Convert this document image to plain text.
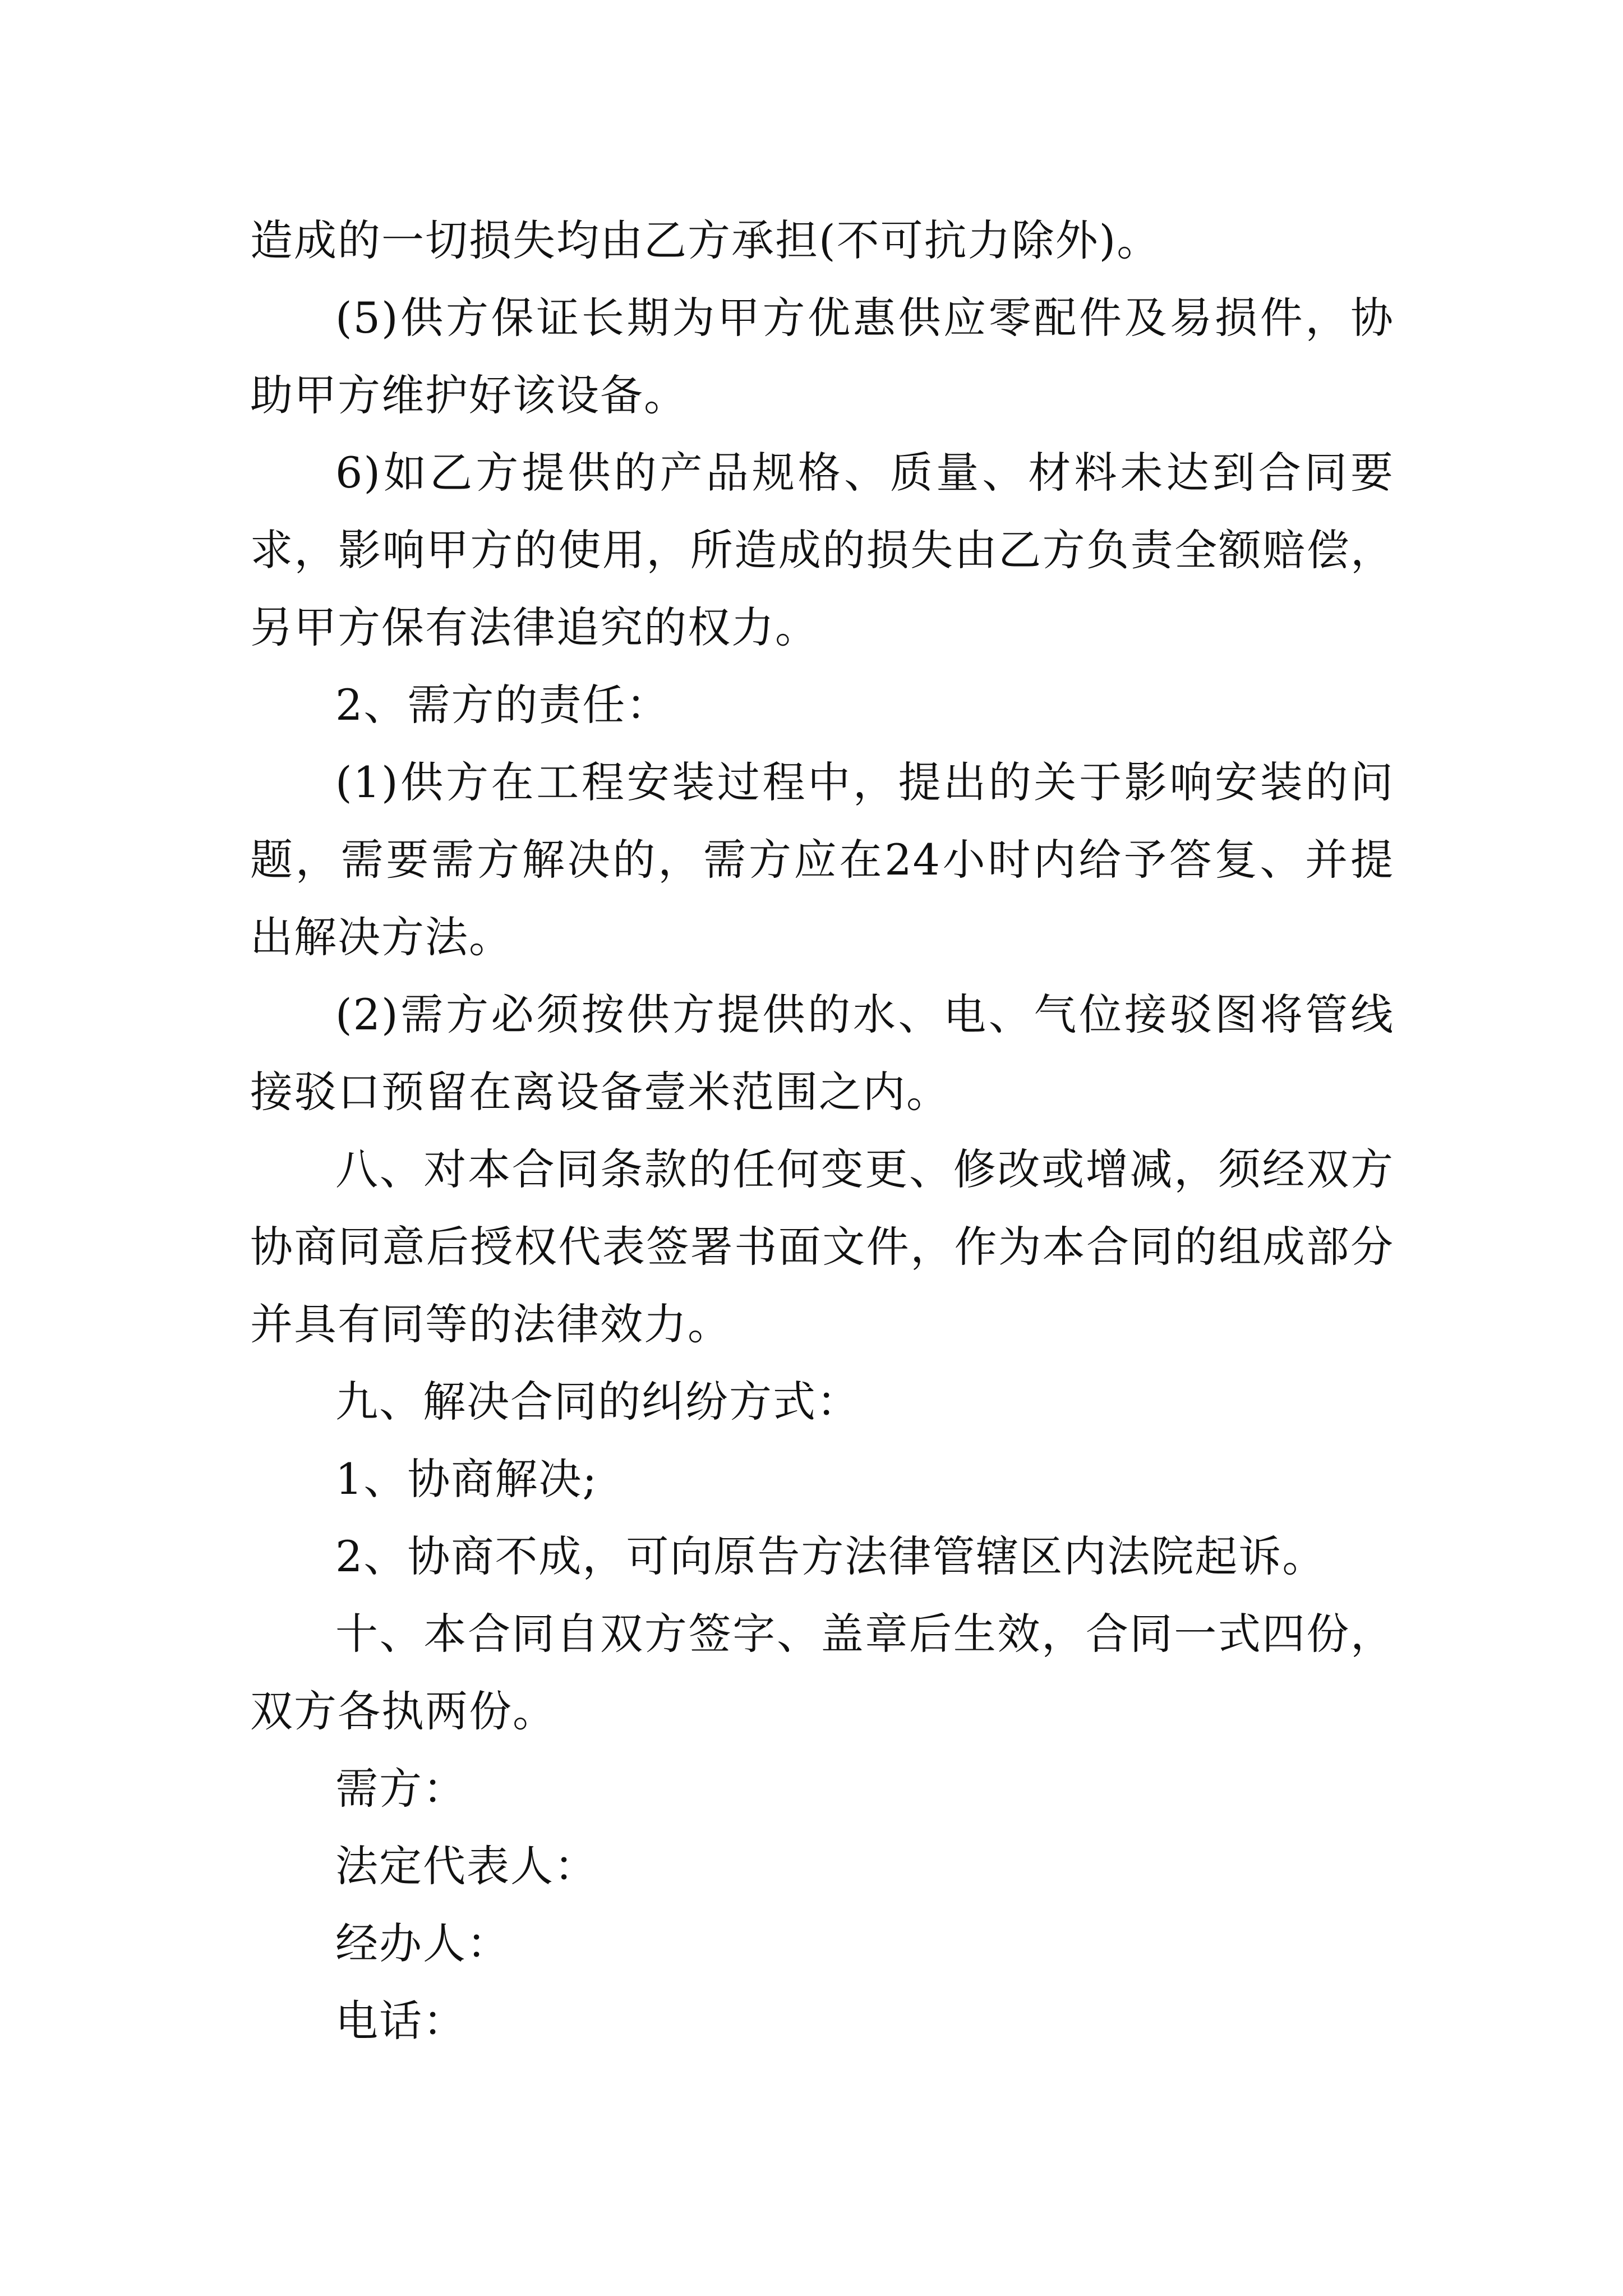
造成的一切损失均由乙方承担(不可抗力除外)。

(5)供方保证长期为甲方优惠供应零配件及易损件，协助甲方维护好该设备。

6)如乙方提供的产品规格、质量、材料未达到合同要求，影响甲方的使用，所造成的损失由乙方负责全额赔偿，另甲方保有法律追究的权力。

2、需方的责任：

(1)供方在工程安装过程中，提出的关于影响安装的问题，需要需方解决的，需方应在24小时内给予答复、并提出解决方法。

(2)需方必须按供方提供的水、电、气位接驳图将管线接驳口预留在离设备壹米范围之内。

八、对本合同条款的任何变更、修改或增减，须经双方协商同意后授权代表签署书面文件，作为本合同的组成部分并具有同等的法律效力。

九、解决合同的纠纷方式：

1、协商解决;

2、协商不成，可向原告方法律管辖区内法院起诉。

十、本合同自双方签字、盖章后生效，合同一式四份，双方各执两份。

需方：

法定代表人：

经办人：

电话：
